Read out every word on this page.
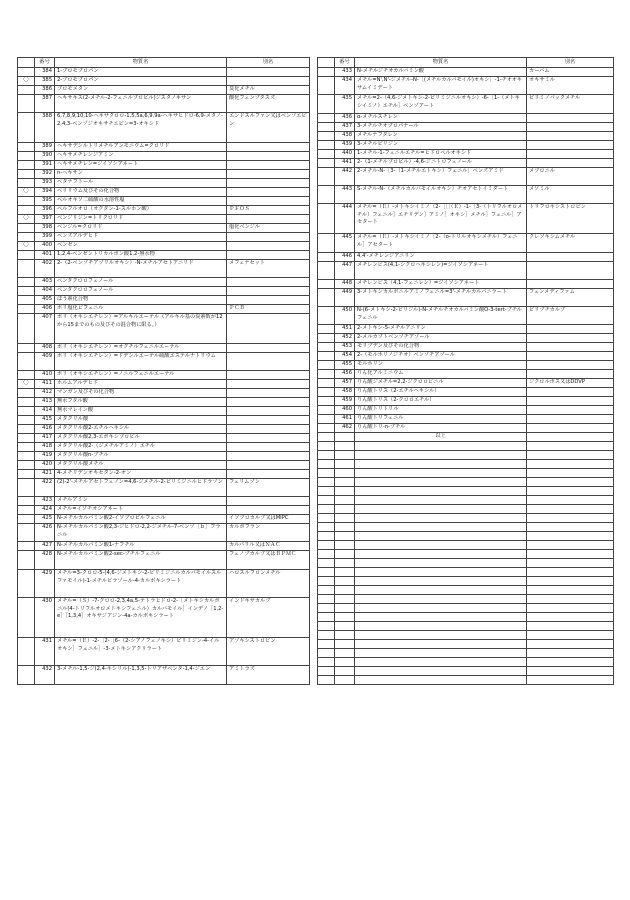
	番号	物質名	別名
	384	1-ブロモプロパン	
〇	385	2-ブロモプロパン	
	386	ブロモメタン	臭化メチル
	387	ヘキサキス(2-メチル-2-フェニルプロピル)ジスタノキサン	酸化フェンブタスズ
	388	6,7,8,9,10,10-ヘキサクロロ-1,5,5a,6,9,9a-ヘキサヒドロ-6,9-メタノ-2,4,3-ベンゾジオキサチエピン=3-オキシド	エンドスルファン又はベンゾエピン
	389	ヘキサデシルトリメチルアンモニウム=クロリド	
	390	ヘキサメチレンジアミン	
	391	ヘキサメチレン=ジイソシアネート	
	392	n-ヘキサン	
	393	ベタナフトール	
〇	394	ベリリウム及びその化合物	
	395	ペルオキソ二硫酸の水溶性塩	
	396	ペルフルオロ（オクタン-1-スルホン酸）	ＰＦＯＳ
〇	397	ベンジリジン=トリクロリド	
	398	ベンジル=クロリド	塩化ベンジル
	399	ベンズアルデヒド	
〇	400	ベンゼン	
	401	1,2,4-ベンゼントリカルボン酸1,2-無水物	
	402	2-（2-ベンゾチアゾリルオキシ）-N-メチルアセトアニリド	メフェナセット
	403	ペンタクロロフェノール	
	404	ペンタクロロフェノール	
	405	ほう素化合物	
	406	ポリ塩化ビフェニル	ＰＣＢ
	407	ポリ（オキシエチレン）=アルキルエーテル（アルキル基の炭素数が12から15までのもの及びその混合物に限る。）	
	408	ポリ（オキシエチレン）=オクチルフェニルエーテル	
	409	ポリ（オキシエチレン）=ドデシルエーテル硫酸エステルナトリウム	
	410	ポリ（オキシエチレン）=ノニルフェニルエーテル	
〇	411	ホルムアルデヒド	
	412	マンガン及びその化合物	
	413	無水フタル酸	
	414	無水マレイン酸	
	415	メタクリル酸	
	416	メタクリル酸2-エチルヘキシル	
	417	メタクリル酸2,3-エポキシプロピル	
	418	メタクリル酸2-（ジメチルアミノ）エチル	
	419	メタクリル酸n-ブチル	
	420	メタクリル酸メチル	
	421	4-メチリデンオキセタン-2-オン	
	422	(2)-2'-メチルアセトフェノン=4,6-ジメチル-2-ピリミジニルヒドラゾン	フェリムゾン
	423	メチルアミン	
	424	メチル=イソチオシアネート	
	425	N-メチルカルバミン酸2-イソプロピルフェニル	イソプロカルブ又はMIPC
	426	N-メチルカルバミン酸2,3-ジヒドロ-2,2-ジメチル-7-ベンゾ［ｂ］フラニル	カルボフラン
	427	N-メチルカルバミン酸1-ナフチル	カルバリル又はＮＡＣ
	428	N-メチルカルバミン酸2-sec-ブチルフェニル	フェノブカルブ又はＢＰＭＣ
	429	メチル=3-クロロ-5-(4,6-ジメトキシ-2-ピリミジニルカルバモイルスルファモイル)-1-メチルピラゾール-4-カルボキシラート	ハロスルフロンメチル
	430	メチル=（Ｓ）-7-クロロ-2,3,4a,5-テトラヒドロ-2-［メトキシカルボニル(4-トリフルオロメトキシフェニル）カルバモイル］インデノ［1,2-e］［1,3,4］オキサジアジン-4a-カルボキシラート	インドキサカルブ
	431	メチル=（Ｅ）-2-［2-［6-（2-シアノフェノキシ）ピリミジン-4-イルオキシ］フェニル］-3-メトキシアクリラート	アゾキシストロビン
	432	3-メチル-1,5-ジ(2,4-キシリル)-1,3,5-トリアザペンタ-1,4-ジエン	アミトラズ
	番号	物質名	別名
	433	N-メチルジチオカルバミン酸	カーバム
	434	メチル=N',N'-ジメチル-N-［(メチルカルバモイル)オキシ］-1-チオオキサムイミデート	オキサミル
	435	メチル=2-（4,6-ジメトキシ-2-ピリミジニルオキシ）-6-［1-（メトキシイミノ）エチル］ベンゾアート	ピリミノバックメチル
	436	α-メチルスチレン	
	437	3-メチルチオプロパナール	
	438	メチルナフタレン	
	439	3-メチルピリジン	
	440	1-メチル-1-フェニルエチル=ヒドロペルオキシド	
	441	2-（1-メチルプロピル）-4,6-ジニトロフェノール	
	442	2-メチル-N-［3-（1-メチルエトキシ）フェニル］ベンズアミド	メプロニル
	443	S-メチル-N-（メチルカルバモイルオキシ）チオアセトイミダート	メソミル
	444	メチル=（Ｅ）-メトキシイミノ（2-［［［（Ｅ）-1-［3-（トリフルオロメチル）フェニル］エチリデン］アミノ］オキシ］メチル］フェニル］アセタート	トリフロキシストロビン
	445	メチル=（Ｅ）-メトキシイミノ［2-（o-トリルオキシメチル）フェニル］アセタート	クレソキシムメチル
	446	4,4'-メチレンジアニリン	
	447	メチレンビス(4,1-シクロヘキシレン)=ジイソシアネート	
	448	メチレンビス（4,1-フェニレン）=ジイソシアネート	
	449	3-メトキシカルボニルアミノフェニル=3'-メチルカルバニラート	フェンメディファム
	450	N-(6-メトキシ-2-ピリジル)-N-メチルチオカルバミン酸O-3-tert-ブチルフェニル	ピリブチカルブ
	451	2-メトキシ-5-メチルアニリン	
	452	2-メルカプトベンゾチアゾール	
	453	モリブデン及びその化合物	
	454	2-（モルホリノジチオ）ベンゾチアゾール	
	455	モルホリン	
	456	りん化アルミニウム	
	457	りん酸ジメチル=2,2-ジクロロビニル	ジクロルボス又はDDVP
	458	りん酸トリス（2-エチルヘキシル）	
	459	りん酸トリス（2-クロロエチル）	
	460	りん酸トリトリル	
	461	りん酸トリフェニル	
	462	りん酸トリ-n-ブチル	
		以上	
